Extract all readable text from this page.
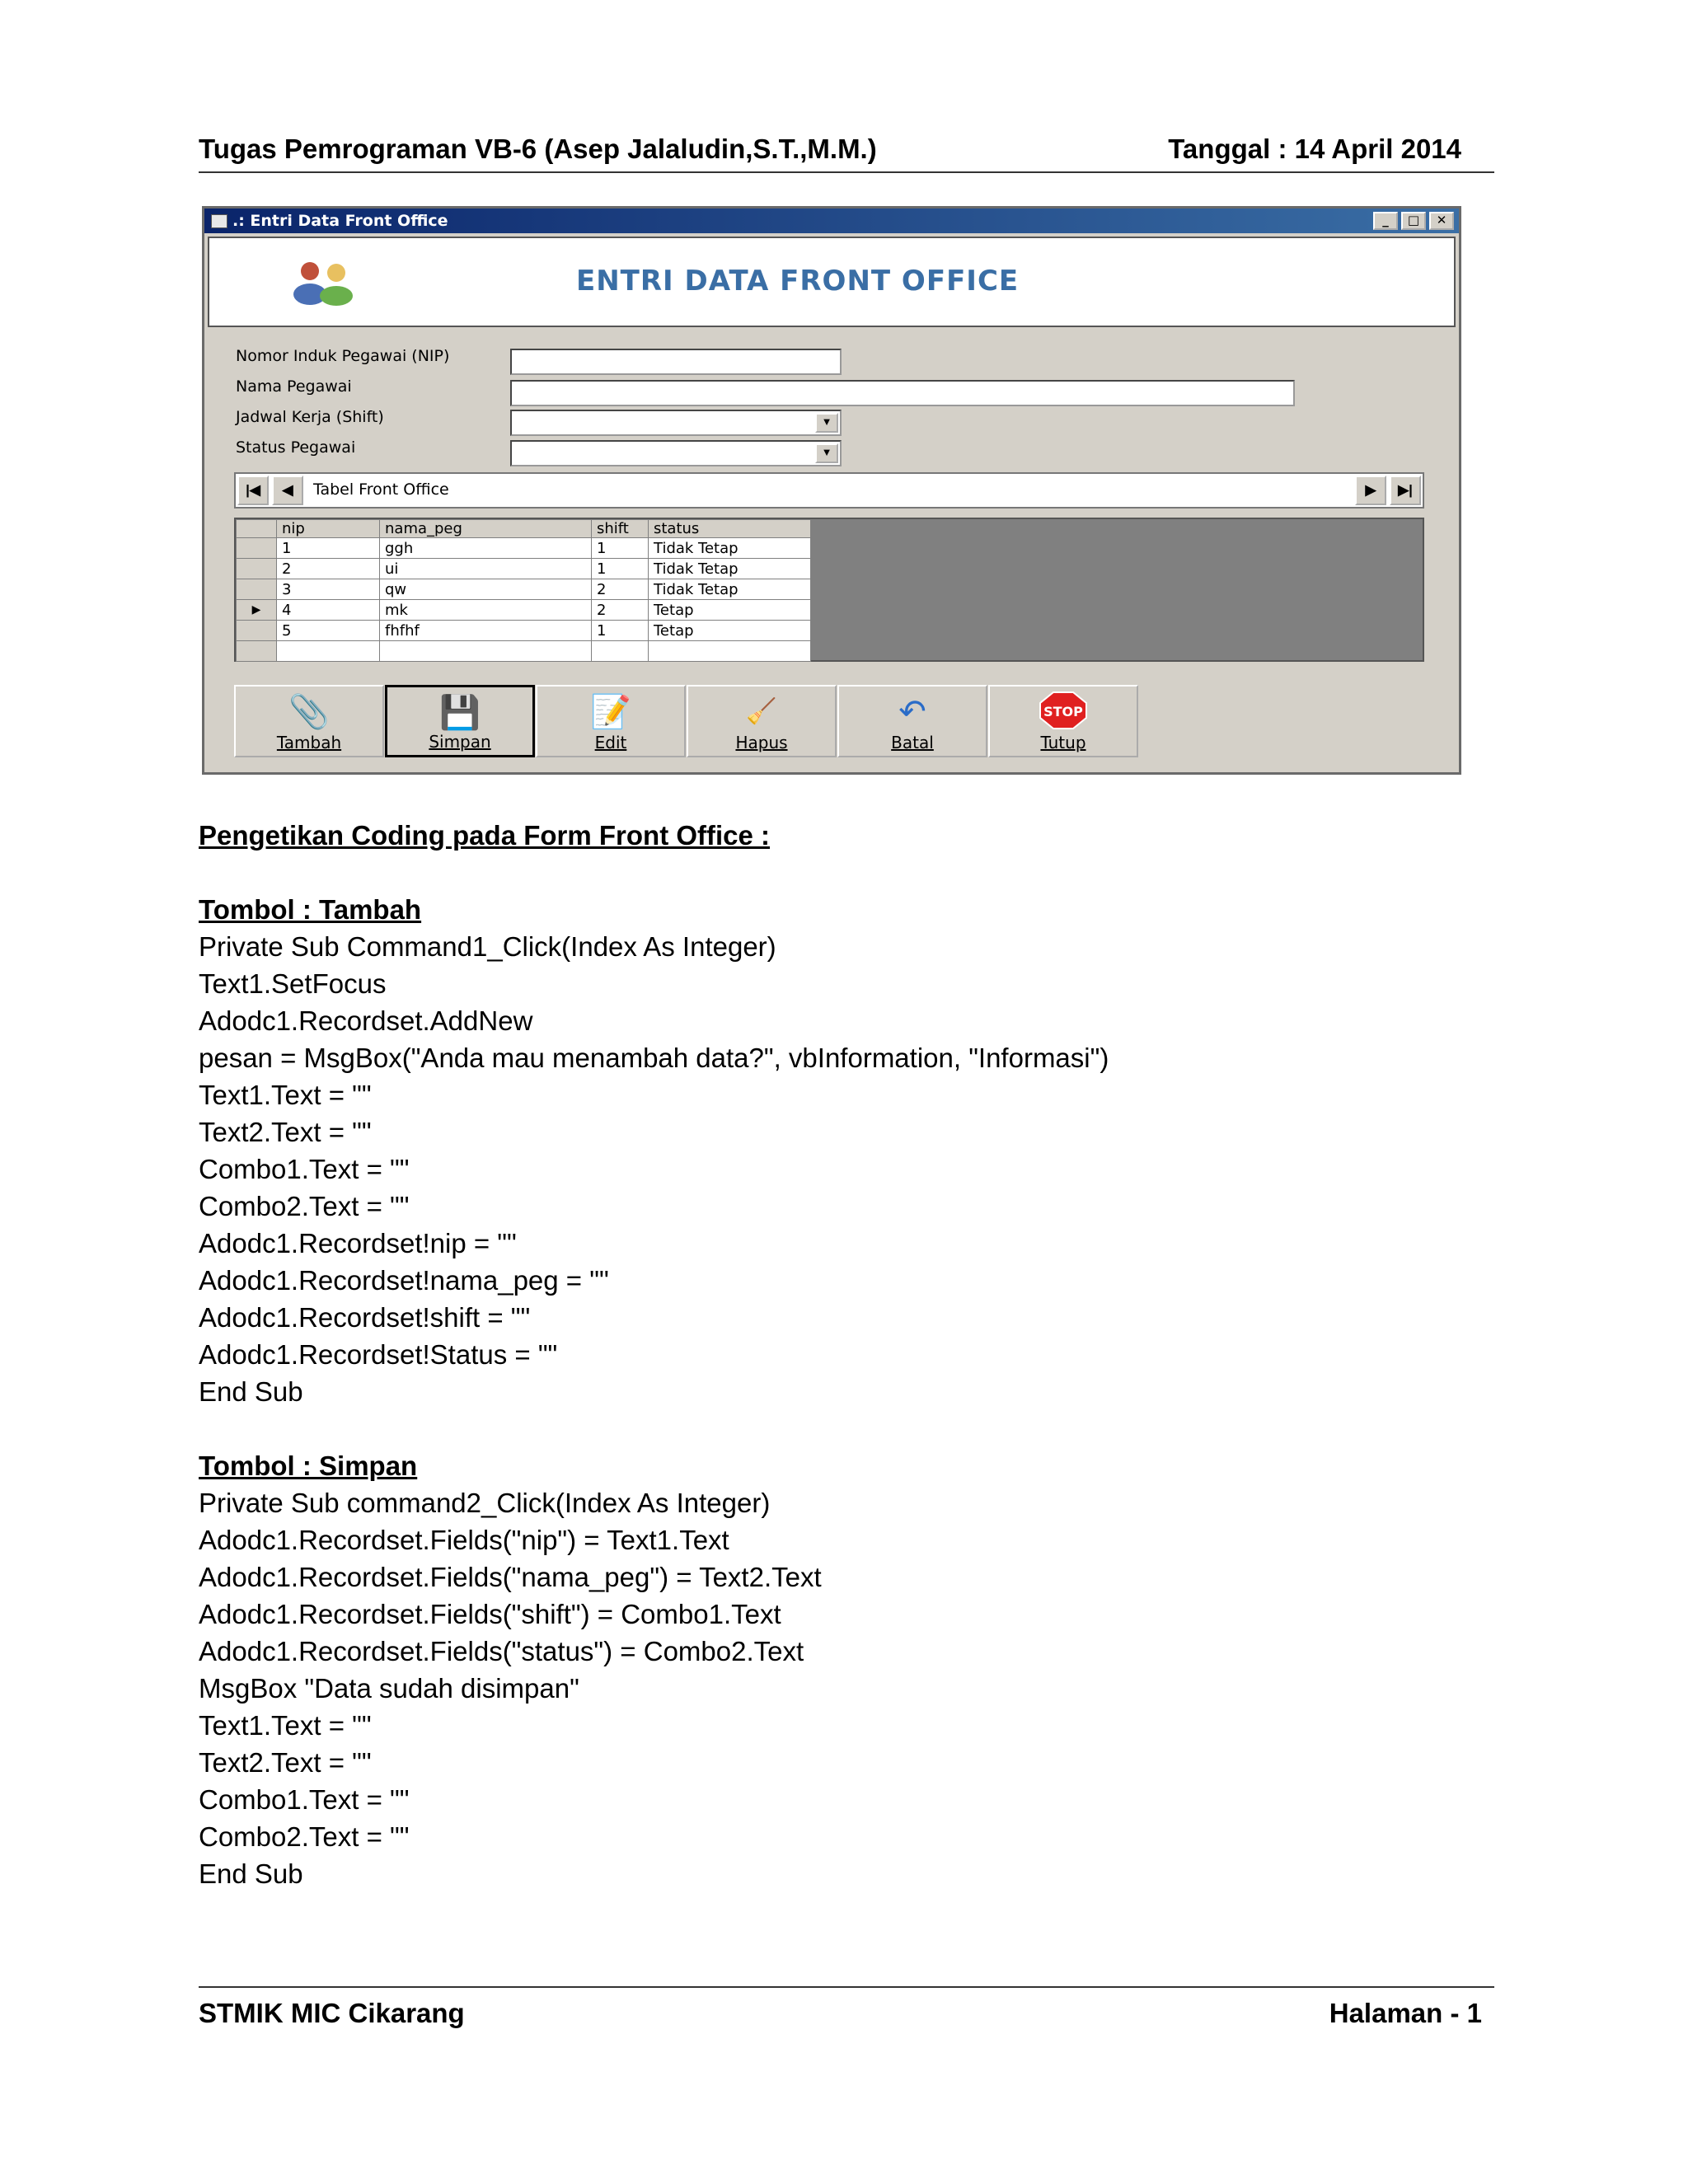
Tugas Pemrograman VB-6 (Asep Jalaludin,S.T.,M.M.)	Tanggal : 14 April 2014
.: Entri Data Front Office	_	□	✕
ENTRI DATA FRONT OFFICE
Nomor Induk Pegawai (NIP)
Nama Pegawai
Jadwal Kerja (Shift)	▼
Status Pegawai	▼
|◀	◀	Tabel Front Office	▶	▶|
	nip	nama_peg	shift	status
	1	ggh	1	Tidak Tetap
	2	ui	1	Tidak Tetap
	3	qw	2	Tidak Tetap
▶	4	mk	2	Tetap
	5	fhfhf	1	Tetap

📎
Tambah
💾
Simpan
📝
Edit
🧹
Hapus
↶
Batal
STOP
Tutup
Pengetikan Coding pada Form Front Office :
Tombol : Tambah
Private Sub Command1_Click(Index As Integer)
Text1.SetFocus
Adodc1.Recordset.AddNew
pesan = MsgBox("Anda mau menambah data?", vbInformation, "Informasi")
Text1.Text = ""
Text2.Text = ""
Combo1.Text = ""
Combo2.Text = ""
Adodc1.Recordset!nip = ""
Adodc1.Recordset!nama_peg = ""
Adodc1.Recordset!shift = ""
Adodc1.Recordset!Status = ""
End Sub
Tombol : Simpan
Private Sub command2_Click(Index As Integer)
Adodc1.Recordset.Fields("nip") = Text1.Text
Adodc1.Recordset.Fields("nama_peg") = Text2.Text
Adodc1.Recordset.Fields("shift") = Combo1.Text
Adodc1.Recordset.Fields("status") = Combo2.Text
MsgBox "Data sudah disimpan"
Text1.Text = ""
Text2.Text = ""
Combo1.Text = ""
Combo2.Text = ""
End Sub
STMIK MIC Cikarang	Halaman - 1
